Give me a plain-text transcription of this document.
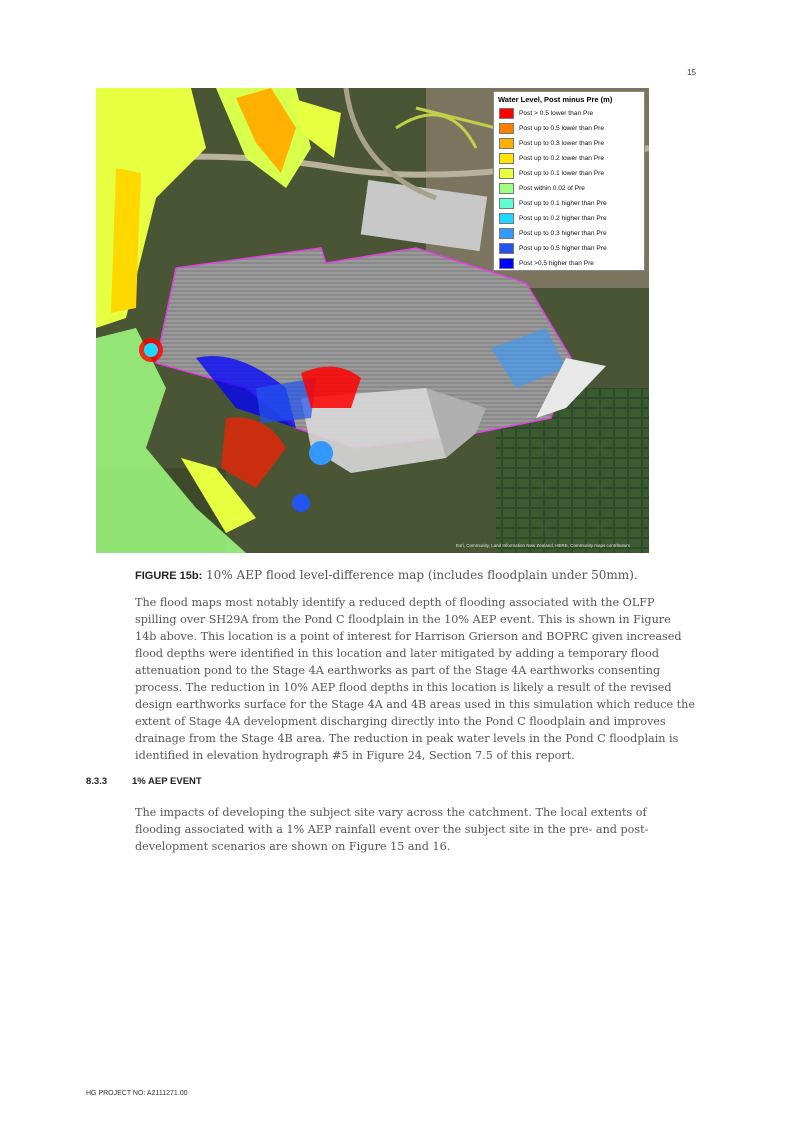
15
Water Level, Post minus Pre (m)
Post > 0.5 lower than Pre
Post up to 0.5 lower than Pre
Post up to 0.3 lower than Pre
Post up to 0.2 lower than Pre
Post up to 0.1 lower than Pre
Post within 0.02 of Pre
Post up to 0.1 higher than Pre
Post up to 0.2 higher than Pre
Post up to 0.3 higher than Pre
Post up to 0.5 higher than Pre
Post >0.5 higher than Pre
Esri, Community, Land Information New Zealand, HERE, Community maps contributors
FIGURE 15b: 10% AEP flood level-difference map (includes floodplain under 50mm).

The flood maps most notably identify a reduced depth of flooding associated with the OLFP spilling over SH29A from the Pond C floodplain in the 10% AEP event. This is shown in Figure 14b above. This location is a point of interest for Harrison Grierson and BOPRC given increased flood depths were identified in this location and later mitigated by adding a temporary flood attenuation pond to the Stage 4A earthworks as part of the Stage 4A earthworks consenting process. The reduction in 10% AEP flood depths in this location is likely a result of the revised design earthworks surface for the Stage 4A and 4B areas used in this simulation which reduce the extent of Stage 4A development discharging directly into the Pond C floodplain and improves drainage from the Stage 4B area. The reduction in peak water levels in the Pond C floodplain is identified in elevation hydrograph #5 in Figure 24, Section 7.5 of this report.

8.3.3	1% AEP EVENT

The impacts of developing the subject site vary across the catchment. The local extents of flooding associated with a 1% AEP rainfall event over the subject site in the pre- and post-development scenarios are shown on Figure 15 and 16.

HG PROJECT NO: A2111271.00
